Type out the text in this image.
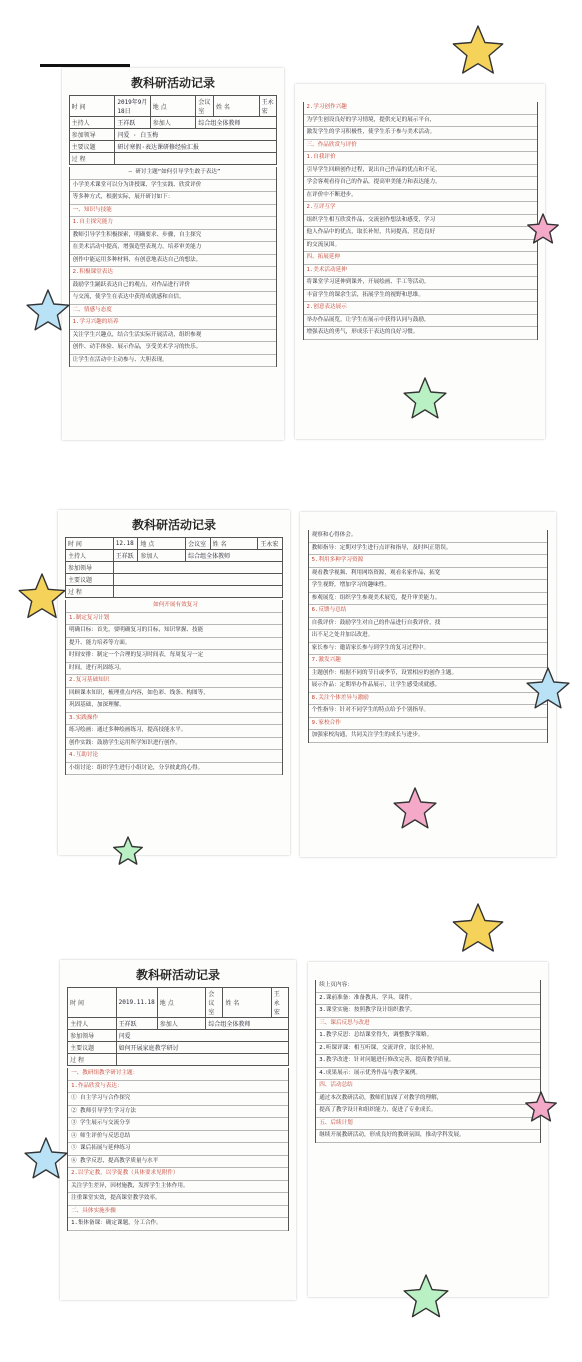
教科研活动记录
时 间	2019年9月18日	地 点	会议室	姓 名	王永宏
主持人	王祥跃	参加人	综合组全体教师		
参加领导	闫爱 · 白玉梅				
主要议题	研讨寒假·表达课研修经验汇报				
过 程					
— 研讨主题“如何引导学生敢于表达”
小学美术课堂可以分为讲授课、学生实践、欣赏评价
等多种方式，根据实际，展开研讨如下：
一、知识与技能
1.自主探究能力
教师引导学生积极探索，明确要求、步骤，自主探究
在美术活动中提高，增强造型表现力，培养审美能力
创作中能运用多种材料，有创意地表达自己的想法。
2.积极课堂表达
鼓励学生踊跃表达自己的观点，对作品进行评价
与交流，使学生在表达中获得成就感和自信。
二、情感与态度
1.学习兴趣的培养
关注学生兴趣点，结合生活实际开展活动，组织参观
创作、动手体验、展示作品，享受美术学习的快乐。
让学生在活动中主动参与、大胆表现。
2.学习创作兴趣
为学生创设良好的学习情境，提供充足的展示平台，
激发学生的学习积极性，使学生乐于参与美术活动。
三、作品欣赏与评价
1.自我评价
引导学生回顾创作过程，说出自己作品的优点和不足，
学会客观看待自己的作品，提高审美能力和表达能力，
在评价中不断进步。
2.互评互学
组织学生相互欣赏作品，交流创作想法和感受，学习
他人作品中的优点，取长补短，共同提高，营造良好
的交流氛围。
四、拓展延伸
1.美术活动延伸
将课堂学习延伸到课外，开展绘画、手工等活动，
丰富学生的课余生活，拓展学生的视野和思维。
2.创意表达展示
举办作品展览，让学生在展示中获得认同与鼓励，
增强表达的勇气，形成乐于表达的良好习惯。
教科研活动记录
时 间	12.18	地 点	会议室	姓 名	王永宏
主持人	王祥跃	参加人	综合组全体教师		
参加领导					
主要议题					
过 程					
如何开展有效复习
1.制定复习计划
明确目标：首先，要明确复习的目标，知识掌握、技能
提升、能力培养等方面。
时间安排：制定一个合理的复习时间表，每周复习一定
时间，进行巩固练习。
2.复习基础知识
回顾课本知识，梳理重点内容，如色彩、线条、构图等，
巩固基础，加深理解。
3.实践操作
练习绘画：通过多种绘画练习，提高技能水平。
创作实践：鼓励学生运用所学知识进行创作。
4.互助讨论
小组讨论：组织学生进行小组讨论，分享彼此的心得。
观察和心得体会。
教师指导：定期对学生进行点评和指导，及时纠正错误。
5.利用多种学习资源
观看教学视频、利用网络资源，观看名家作品，拓宽
学生视野，增加学习的趣味性。
参观展览：组织学生参观美术展览，提升审美能力。
6.反馈与总结
自我评价：鼓励学生对自己的作品进行自我评价，找
出不足之处并加以改进。
家长参与：邀请家长参与到学生的复习过程中。
7.激发兴趣
主题创作：根据不同的节日或季节，设置相应的创作主题。
展示作品：定期举办作品展示，让学生感受成就感。
8.关注个体差异与激励
个性指导：针对不同学生的特点给予个别指导。
9.家校合作
加强家校沟通，共同关注学生的成长与进步。
教科研活动记录
时 间	2019.11.18	地 点	会议室	姓 名	王永宏
主持人	王祥跃	参加人	综合组全体教师		
参加领导	闫爱				
主要议题	如何开展家庭教学研讨				
过 程					
一、教研组教学研讨主题：
1.作品欣赏与表达：
① 自主学习与合作探究
② 教师引导学生学习方法
③ 学生展示与交流分享
④ 师生评价与反思总结
⑤ 课后拓展与延伸练习
⑥ 教学反思，提高教学质量与水平
2.以学定教，以学促教（具体要求见附件）
关注学生差异，因材施教，发挥学生主体作用。
注重课堂实效，提高课堂教学效率。
二、具体实施步骤
1.集体备课：确定课题，分工合作。
续上页内容：
2.课前准备：准备教具、学具、课件。
3.课堂实施：按照教学设计组织教学。
三、课后反思与改进
1.教学反思：总结课堂得失，调整教学策略。
2.听课评课：相互听课，交流评价，取长补短。
3.教学改进：针对问题进行修改完善，提高教学质量。
4.成果展示：展示优秀作品与教学案例。
四、活动总结
通过本次教研活动，教师们加深了对教学的理解，
提高了教学设计和组织能力，促进了专业成长。
五、后续计划
继续开展教研活动，形成良好的教研氛围，推动学科发展。
